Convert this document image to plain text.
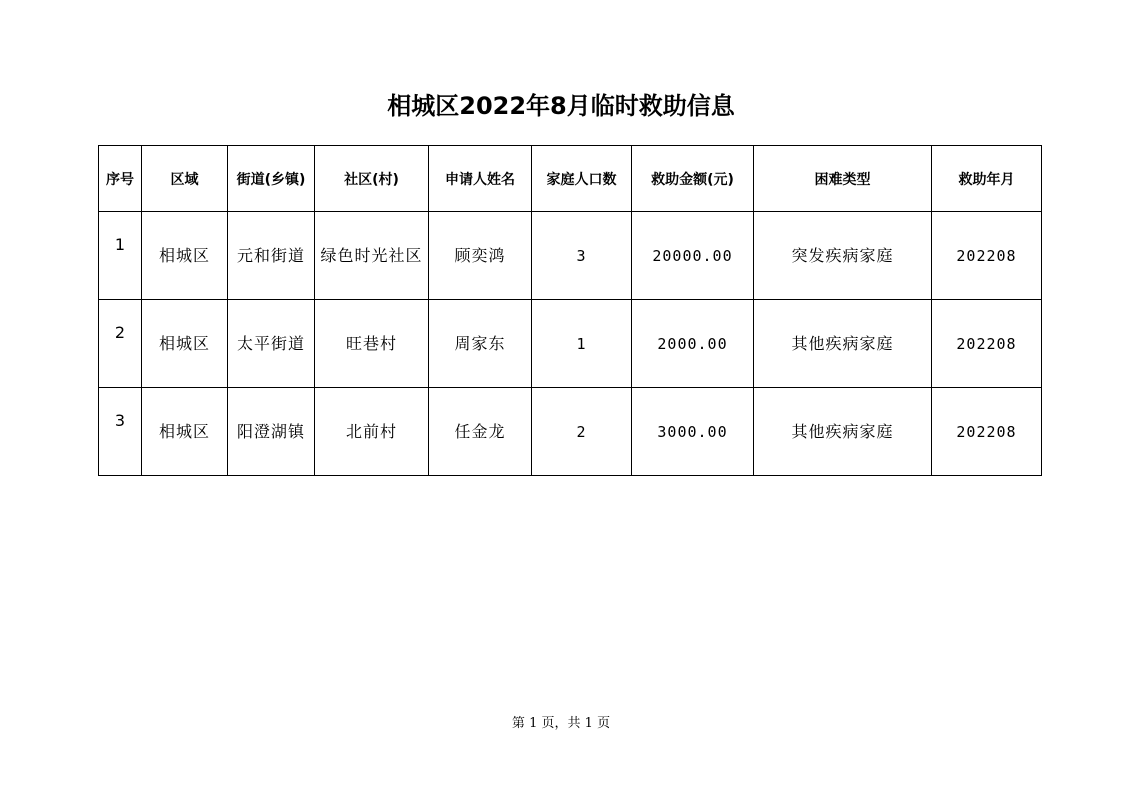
相城区2022年8月临时救助信息
序号	区域	街道(乡镇)	社区(村)	申请人姓名	家庭人口数	救助金额(元)	困难类型	救助年月
1	相城区	元和街道	绿色时光社区	顾奕鸿	3	20000.00	突发疾病家庭	202208
2	相城区	太平街道	旺巷村	周家东	1	2000.00	其他疾病家庭	202208
3	相城区	阳澄湖镇	北前村	任金龙	2	3000.00	其他疾病家庭	202208
第 1 页，共 1 页
